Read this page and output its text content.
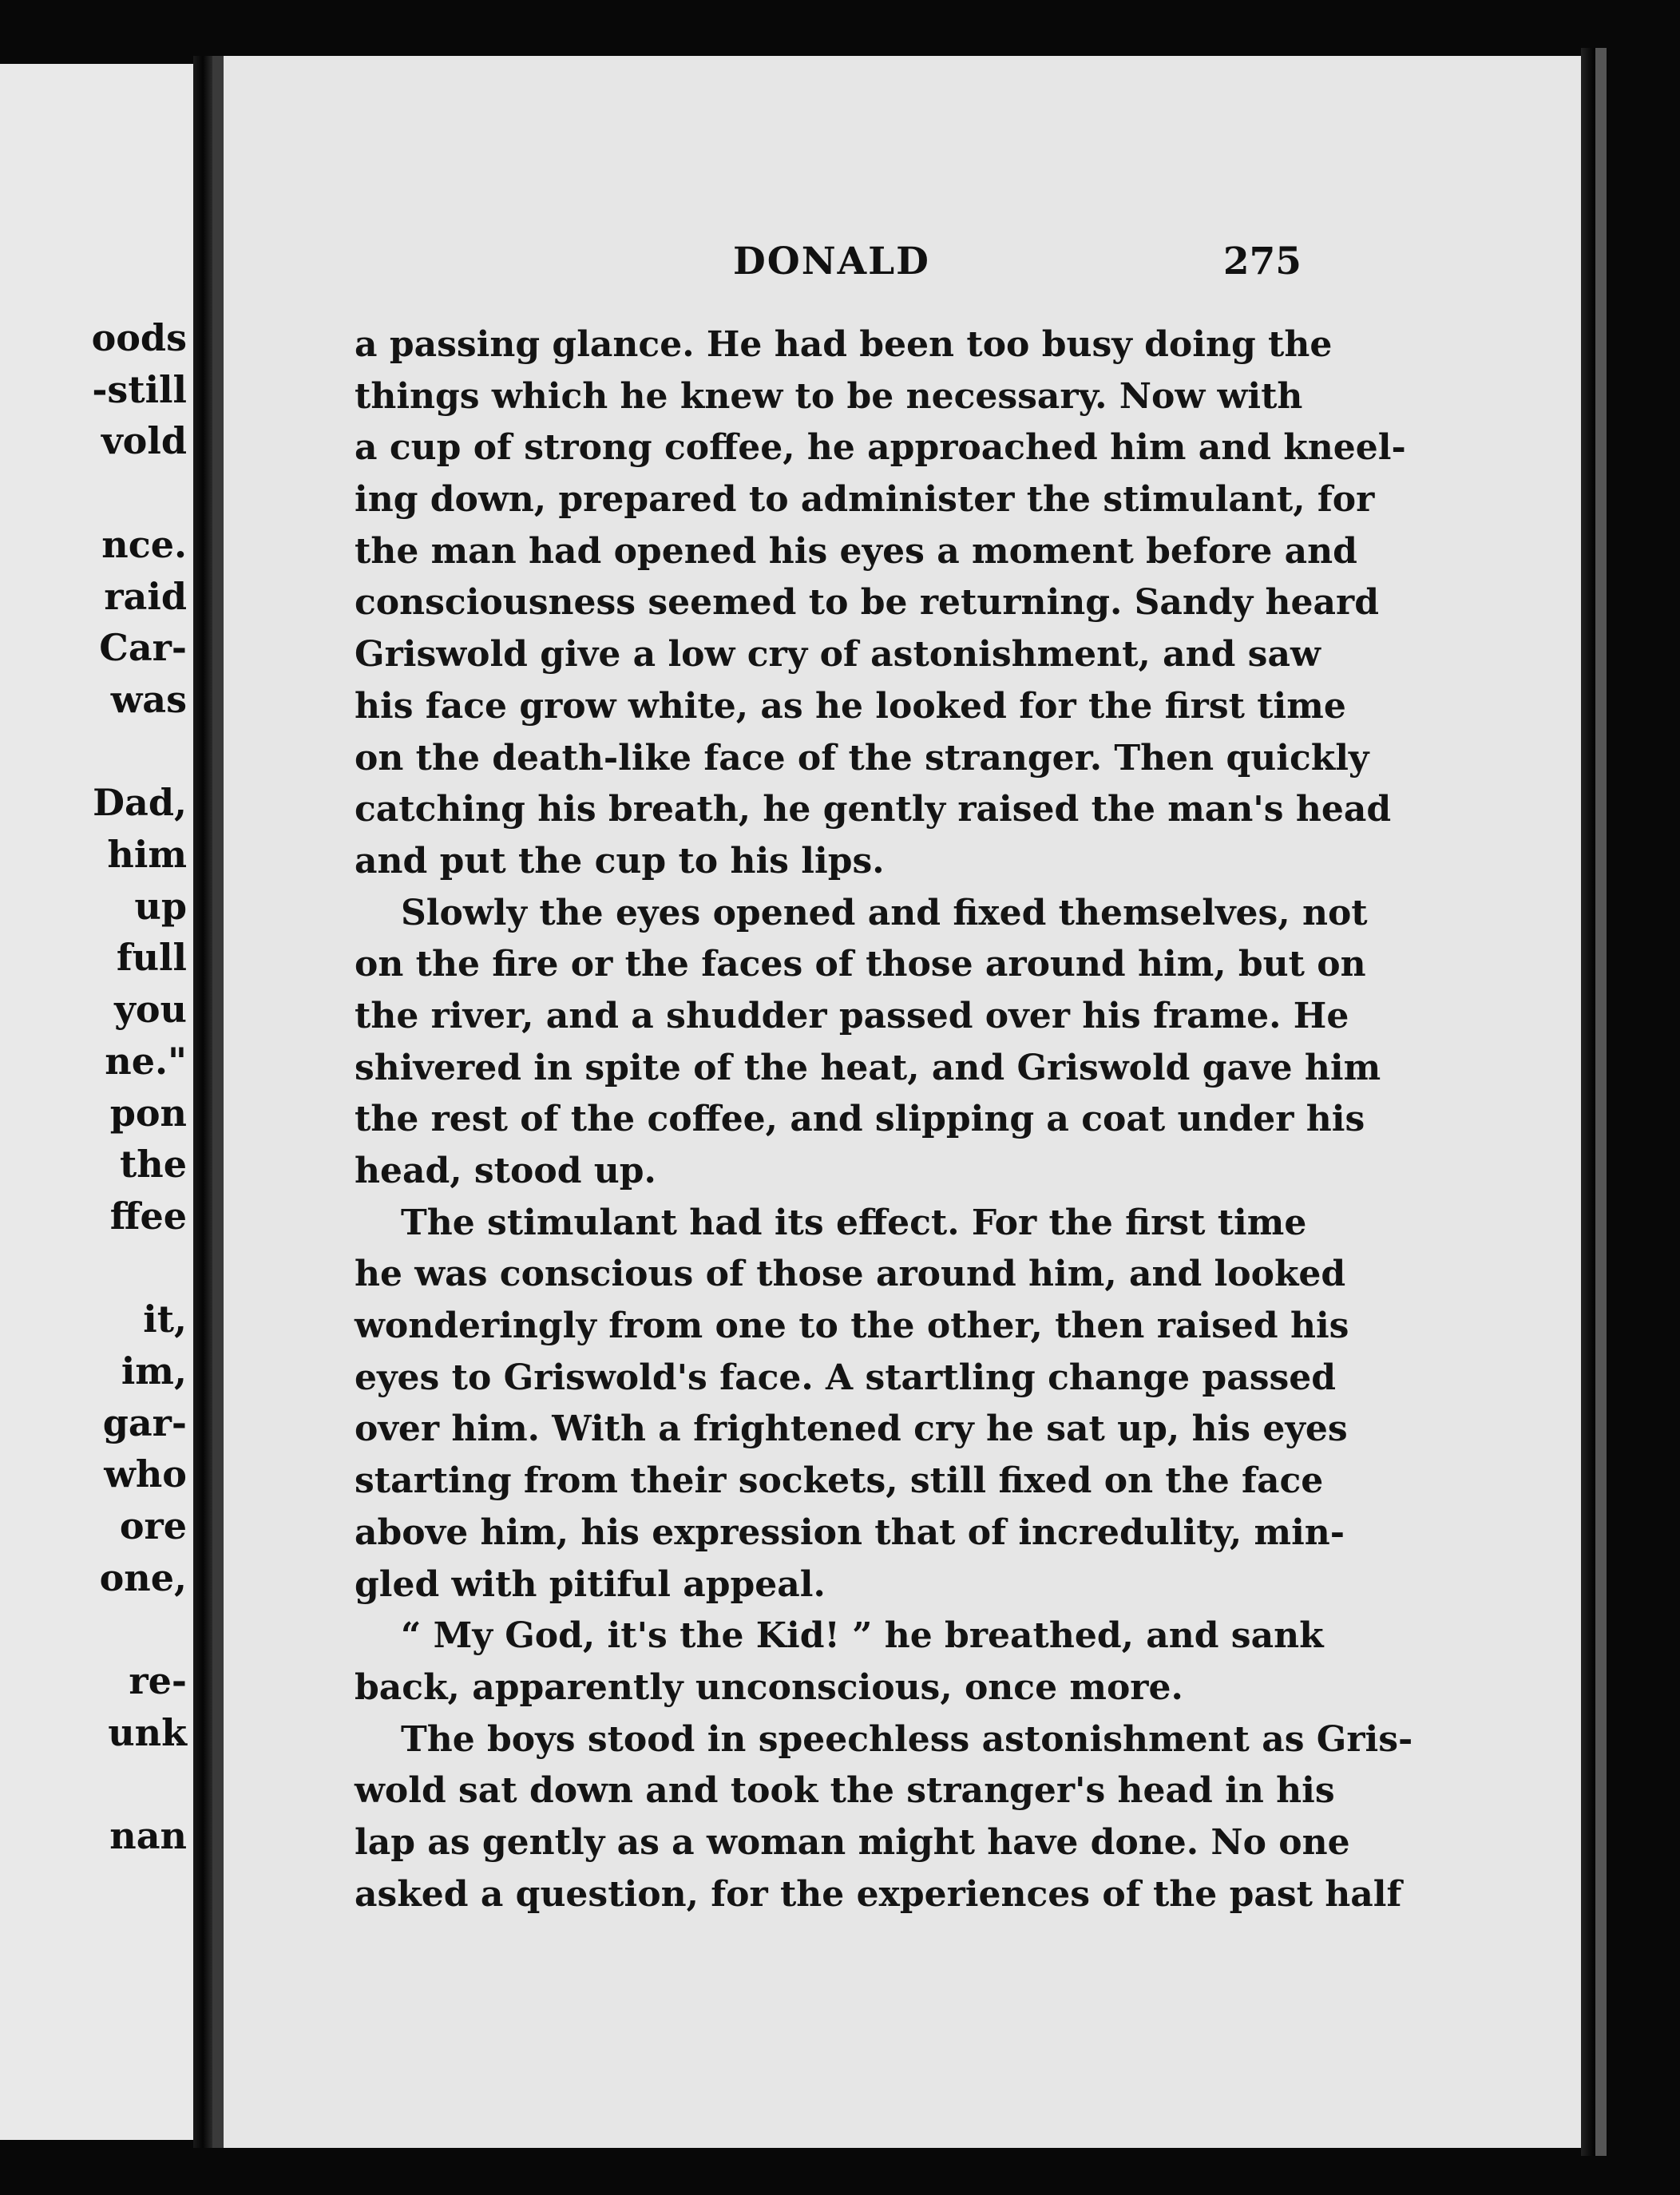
oods
-still
vold
nce.
raid
Car-
was
Dad,
him
up
full
you
ne."
pon
the
ffee
it,
im,
gar-
who
ore
one,
re-
unk
nan
DONALD	275
a passing glance. He had been too busy doing the
things which he knew to be necessary. Now with
a cup of strong coffee, he approached him and kneel-
ing down, prepared to administer the stimulant, for
the man had opened his eyes a moment before and
consciousness seemed to be returning. Sandy heard
Griswold give a low cry of astonishment, and saw
his face grow white, as he looked for the first time
on the death-like face of the stranger. Then quickly
catching his breath, he gently raised the man's head
and put the cup to his lips.
Slowly the eyes opened and fixed themselves, not
on the fire or the faces of those around him, but on
the river, and a shudder passed over his frame. He
shivered in spite of the heat, and Griswold gave him
the rest of the coffee, and slipping a coat under his
head, stood up.
The stimulant had its effect. For the first time
he was conscious of those around him, and looked
wonderingly from one to the other, then raised his
eyes to Griswold's face. A startling change passed
over him. With a frightened cry he sat up, his eyes
starting from their sockets, still fixed on the face
above him, his expression that of incredulity, min-
gled with pitiful appeal.
“ My God, it's the Kid! ” he breathed, and sank
back, apparently unconscious, once more.
The boys stood in speechless astonishment as Gris-
wold sat down and took the stranger's head in his
lap as gently as a woman might have done. No one
asked a question, for the experiences of the past half
